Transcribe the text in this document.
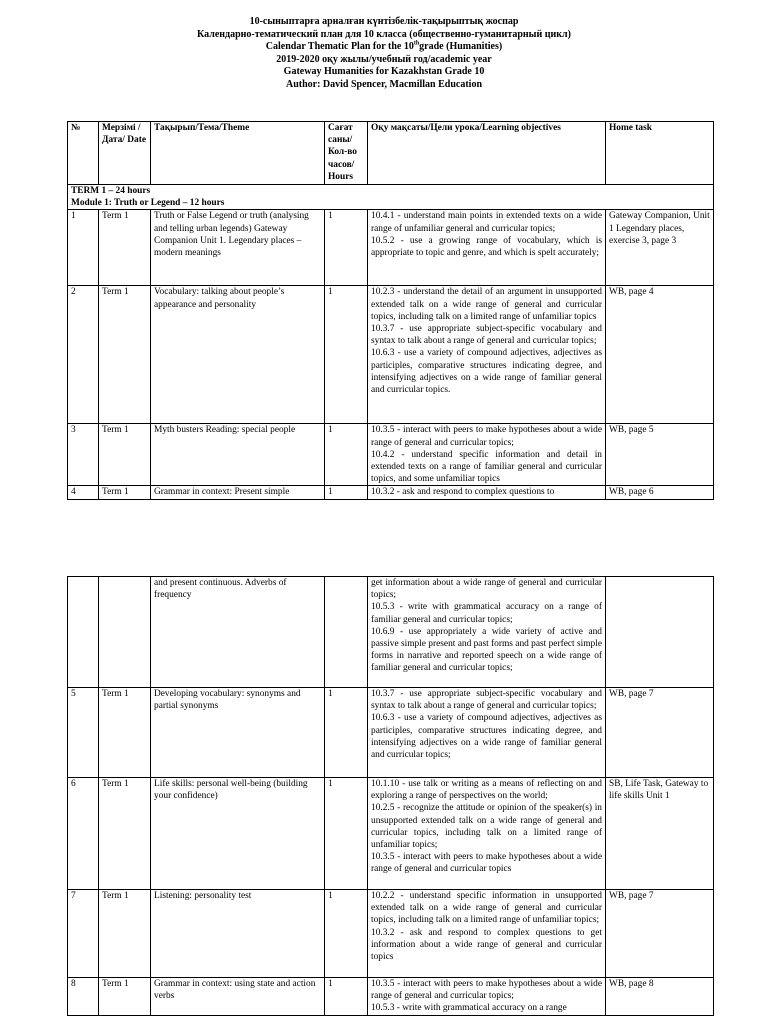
10-сыныптарға арналған күнтізбелік-тақырыптық жоспар
Календарно-тематический план для 10 класса (общественно-гуманитарный цикл)
Calendar Thematic Plan for the 10thgrade (Humanities)
2019-2020 оқу жылы/учебный год/academic year
Gateway Humanities for Kazakhstan Grade 10
Author: David Spencer, Macmillan Education
№	Мерзімі / Дата/ Date	Тақырып/Тема/Theme	Сағат саны/ Кол-во часов/ Hours	Оқу мақсаты/Цели урока/Learning objectives	Home task

TERM 1 – 24 hours
Module 1: Truth or Legend – 12 hours					

1	Term 1	Truth or False Legend or truth (analysing and telling urban legends) Gateway Companion Unit 1. Legendary places – modern meanings	1	10.4.1 - understand main points in extended texts on a wide range of unfamiliar general and curricular topics;
10.5.2 - use a growing range of vocabulary, which is appropriate to topic and genre, and which is spelt accurately;	Gateway Companion, Unit 1 Legendary places, exercise 3, page 3
2	Term 1	Vocabulary: talking about people’s appearance and personality	1	10.2.3 - understand the detail of an argument in unsupported extended talk on a wide range of general and curricular topics, including talk on a limited range of unfamiliar topics
10.3.7 - use appropriate subject-specific vocabulary and syntax to talk about a range of general and curricular topics;
10.6.3 - use a variety of compound adjectives, adjectives as participles, comparative structures indicating degree, and intensifying adjectives on a wide range of familiar general and curricular topics.	WB, page 4
3	Term 1	Myth busters Reading: special people	1	10.3.5 - interact with peers to make hypotheses about a wide range of general and curricular topics;
10.4.2 - understand specific information and detail in extended texts on a range of familiar general and curricular topics, and some unfamiliar topics	WB, page 5
4	Term 1	Grammar in context: Present simple	1	10.3.2 - ask and respond to complex questions to	WB, page 6
		and present continuous. Adverbs of frequency		get information about a wide range of general and curricular topics;
10.5.3 - write with grammatical accuracy on a range of familiar general and curricular topics;
10.6.9 - use appropriately a wide variety of active and passive simple present and past forms and past perfect simple forms in narrative and reported speech on a wide range of familiar general and curricular topics;	

5	Term 1	Developing vocabulary: synonyms and partial synonyms	1	10.3.7 - use appropriate subject-specific vocabulary and syntax to talk about a range of general and curricular topics;
10.6.3 - use a variety of compound adjectives, adjectives as participles, comparative structures indicating degree, and intensifying adjectives on a wide range of familiar general and curricular topics;	WB, page 7
6	Term 1	Life skills: personal well-being (building your confidence)	1	10.1.10 - use talk or writing as a means of reflecting on and exploring a range of perspectives on the world;
10.2.5 - recognize the attitude or opinion of the speaker(s) in unsupported extended talk on a wide range of general and curricular topics, including talk on a limited range of unfamiliar topics;
10.3.5 - interact with peers to make hypotheses about a wide range of general and curricular topics	SB, Life Task, Gateway to life skills Unit 1
7	Term 1	Listening: personality test	1	10.2.2 - understand specific information in unsupported extended talk on a wide range of general and curricular topics, including talk on a limited range of unfamiliar topics;
10.3.2 - ask and respond to complex questions to get information about a wide range of general and curricular topics	WB, page 7
8	Term 1	Grammar in context: using state and action verbs	1	10.3.5 - interact with peers to make hypotheses about a wide range of general and curricular topics;
10.5.3 - write with grammatical accuracy on a range	WB, page 8
